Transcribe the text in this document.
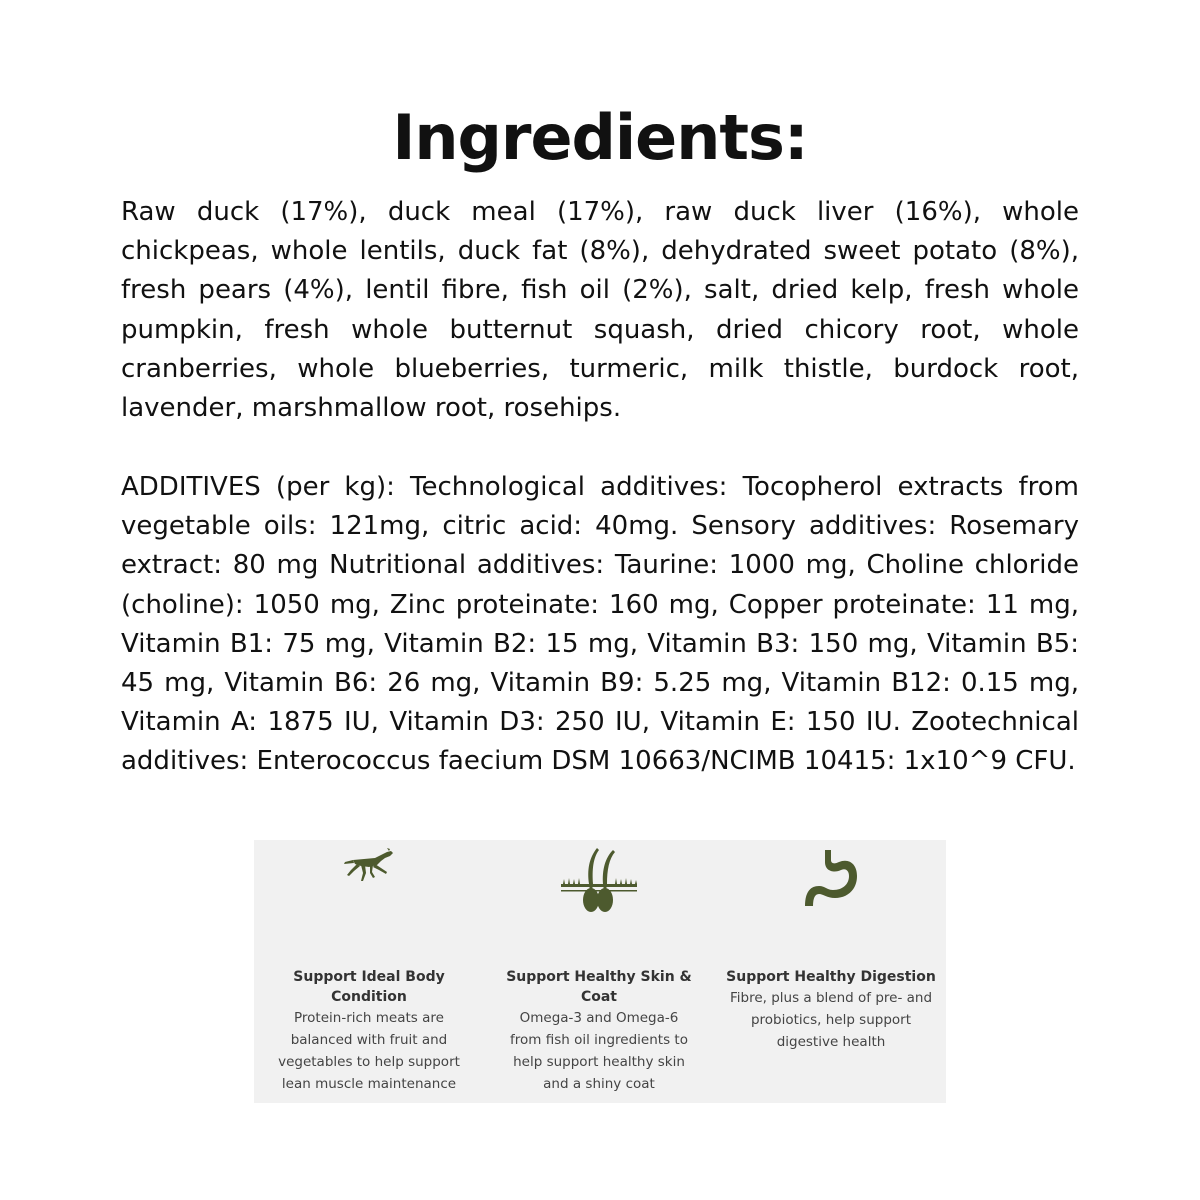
Ingredients:

Raw duck (17%), duck meal (17%), raw duck liver (16%), whole chickpeas, whole lentils, duck fat (8%), dehydrated sweet potato (8%), fresh pears (4%), lentil fibre, fish oil (2%), salt, dried kelp, fresh whole pumpkin, fresh whole butternut squash, dried chicory root, whole cranberries, whole blueberries, turmeric, milk thistle, burdock root, lavender, marshmallow root, rosehips.

ADDITIVES (per kg): Technological additives: Tocopherol extracts from vegetable oils: 121mg, citric acid: 40mg. Sensory additives: Rosemary extract: 80 mg Nutritional additives: Taurine: 1000 mg, Choline chloride (choline): 1050 mg, Zinc proteinate: 160 mg, Copper proteinate: 11 mg, Vitamin B1: 75 mg, Vitamin B2: 15 mg, Vitamin B3: 150 mg, Vitamin B5: 45 mg, Vitamin B6: 26 mg, Vitamin B9: 5.25 mg, Vitamin B12: 0.15 mg, Vitamin A: 1875 IU, Vitamin D3: 250 IU, Vitamin E: 150 IU. Zootechnical additives: Enterococcus faecium DSM 10663/NCIMB 10415: 1x10^9 CFU.

Support Ideal Body Condition

Protein-rich meats are balanced with fruit and vegetables to help support lean muscle maintenance

Support Healthy Skin & Coat

Omega-3 and Omega-6 from fish oil ingredients to help support healthy skin and a shiny coat

Support Healthy Digestion

Fibre, plus a blend of pre- and probiotics, help support digestive health
